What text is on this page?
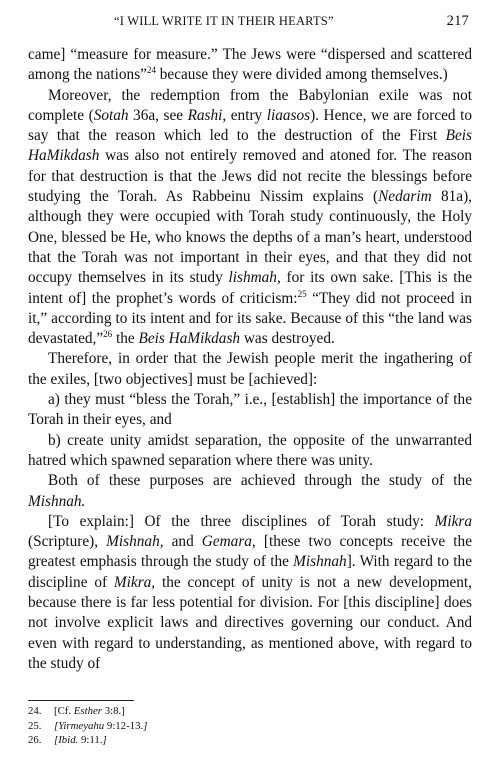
“I WILL WRITE IT IN THEIR HEARTS”	217

came] “measure for measure.” The Jews were “dispersed and scattered among the nations”$^{24}$ because they were divided among themselves.)

Moreover, the redemption from the Babylonian exile was not complete (Sotah 36a, see Rashi, entry liaasos). Hence, we are forced to say that the reason which led to the destruction of the First Beis HaMikdash was also not entirely removed and atoned for. The reason for that destruction is that the Jews did not recite the blessings before studying the Torah. As Rabbeinu Nissim explains (Nedarim 81a), although they were occupied with Torah study continuously, the Holy One, blessed be He, who knows the depths of a man’s heart, understood that the Torah was not important in their eyes, and that they did not occupy themselves in its study lishmah, for its own sake. [This is the intent of] the prophet’s words of criticism:$^{25}$ “They did not proceed in it,” according to its intent and for its sake. Because of this “the land was devastated,”$^{26}$ the Beis HaMikdash was destroyed.

Therefore, in order that the Jewish people merit the ingathering of the exiles, [two objectives] must be [achieved]:

a) they must “bless the Torah,” i.e., [establish] the importance of the Torah in their eyes, and

b) create unity amidst separation, the opposite of the unwarranted hatred which spawned separation where there was unity.

Both of these purposes are achieved through the study of the Mishnah.

[To explain:] Of the three disciplines of Torah study: Mikra (Scripture), Mishnah, and Gemara, [these two concepts receive the greatest emphasis through the study of the Mishnah]. With regard to the discipline of Mikra, the concept of unity is not a new development, because there is far less potential for division. For [this discipline] does not involve explicit laws and directives governing our conduct. And even with regard to understanding, as mentioned above, with regard to the study of

24.	[Cf. Esther 3:8.]
25.	[Yirmeyahu 9:12-13.]
26.	[Ibid. 9:11.]
